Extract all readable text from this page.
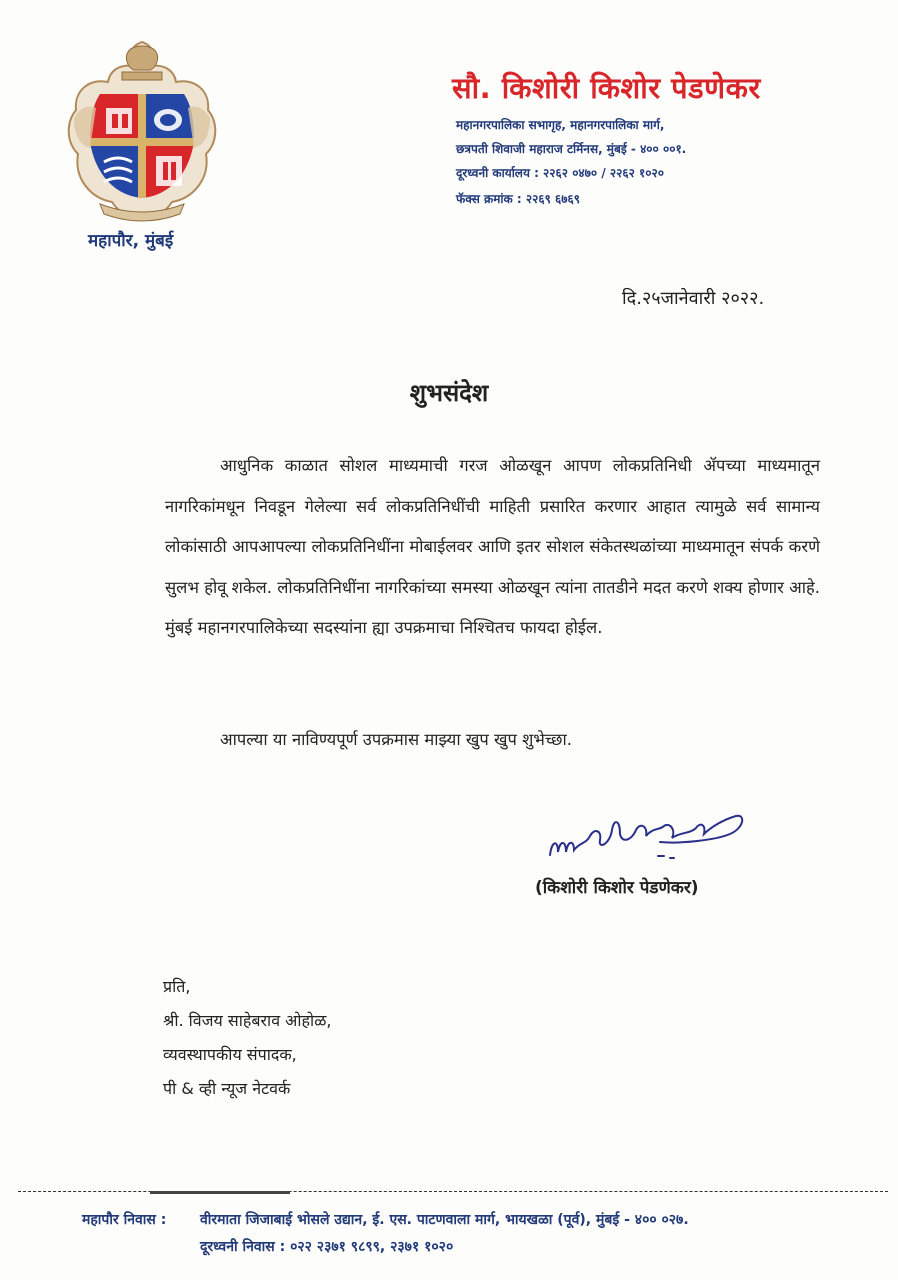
महापौर, मुंबई
सौ. किशोरी किशोर पेडणेकर
महानगरपालिका सभागृह, महानगरपालिका मार्ग,
छत्रपती शिवाजी महाराज टर्मिनस, मुंबई - ४०० ००१.
दूरध्वनी कार्यालय : २२६२ ०४७० / २२६२ १०२०
फॅक्स क्रमांक : २२६९ ६७६९
दि.२५जानेवारी २०२२.
शुभसंदेश

आधुनिक काळात सोशल माध्यमाची गरज ओळखून आपण लोकप्रतिनिधी ॲपच्या माध्यमातून नागरिकांमधून निवडून गेलेल्या सर्व लोकप्रतिनिधींची माहिती प्रसारित करणार आहात त्यामुळे सर्व सामान्य लोकांसाठी आपआपल्या लोकप्रतिनिधींना मोबाईलवर आणि इतर सोशल संकेतस्थळांच्या माध्यमातून संपर्क करणे सुलभ होवू शकेल. लोकप्रतिनिधींना नागरिकांच्या समस्या ओळखून त्यांना तातडीने मदत करणे शक्य होणार आहे. मुंबई महानगरपालिकेच्या सदस्यांना ह्या उपक्रमाचा निश्चितच फायदा होईल.

आपल्या या नाविण्यपूर्ण उपक्रमास माझ्या खुप खुप शुभेच्छा.
(किशोरी किशोर पेडणेकर)
प्रति,
श्री. विजय साहेबराव ओहोळ,
व्यवस्थापकीय संपादक,
पी & व्ही न्यूज नेटवर्क
महापौर निवास : वीरमाता जिजाबाई भोसले उद्यान, ई. एस. पाटणवाला मार्ग, भायखळा (पूर्व), मुंबई - ४०० ०२७.
दूरध्वनी निवास : ०२२ २३७१ ९८९९, २३७१ १०२०
